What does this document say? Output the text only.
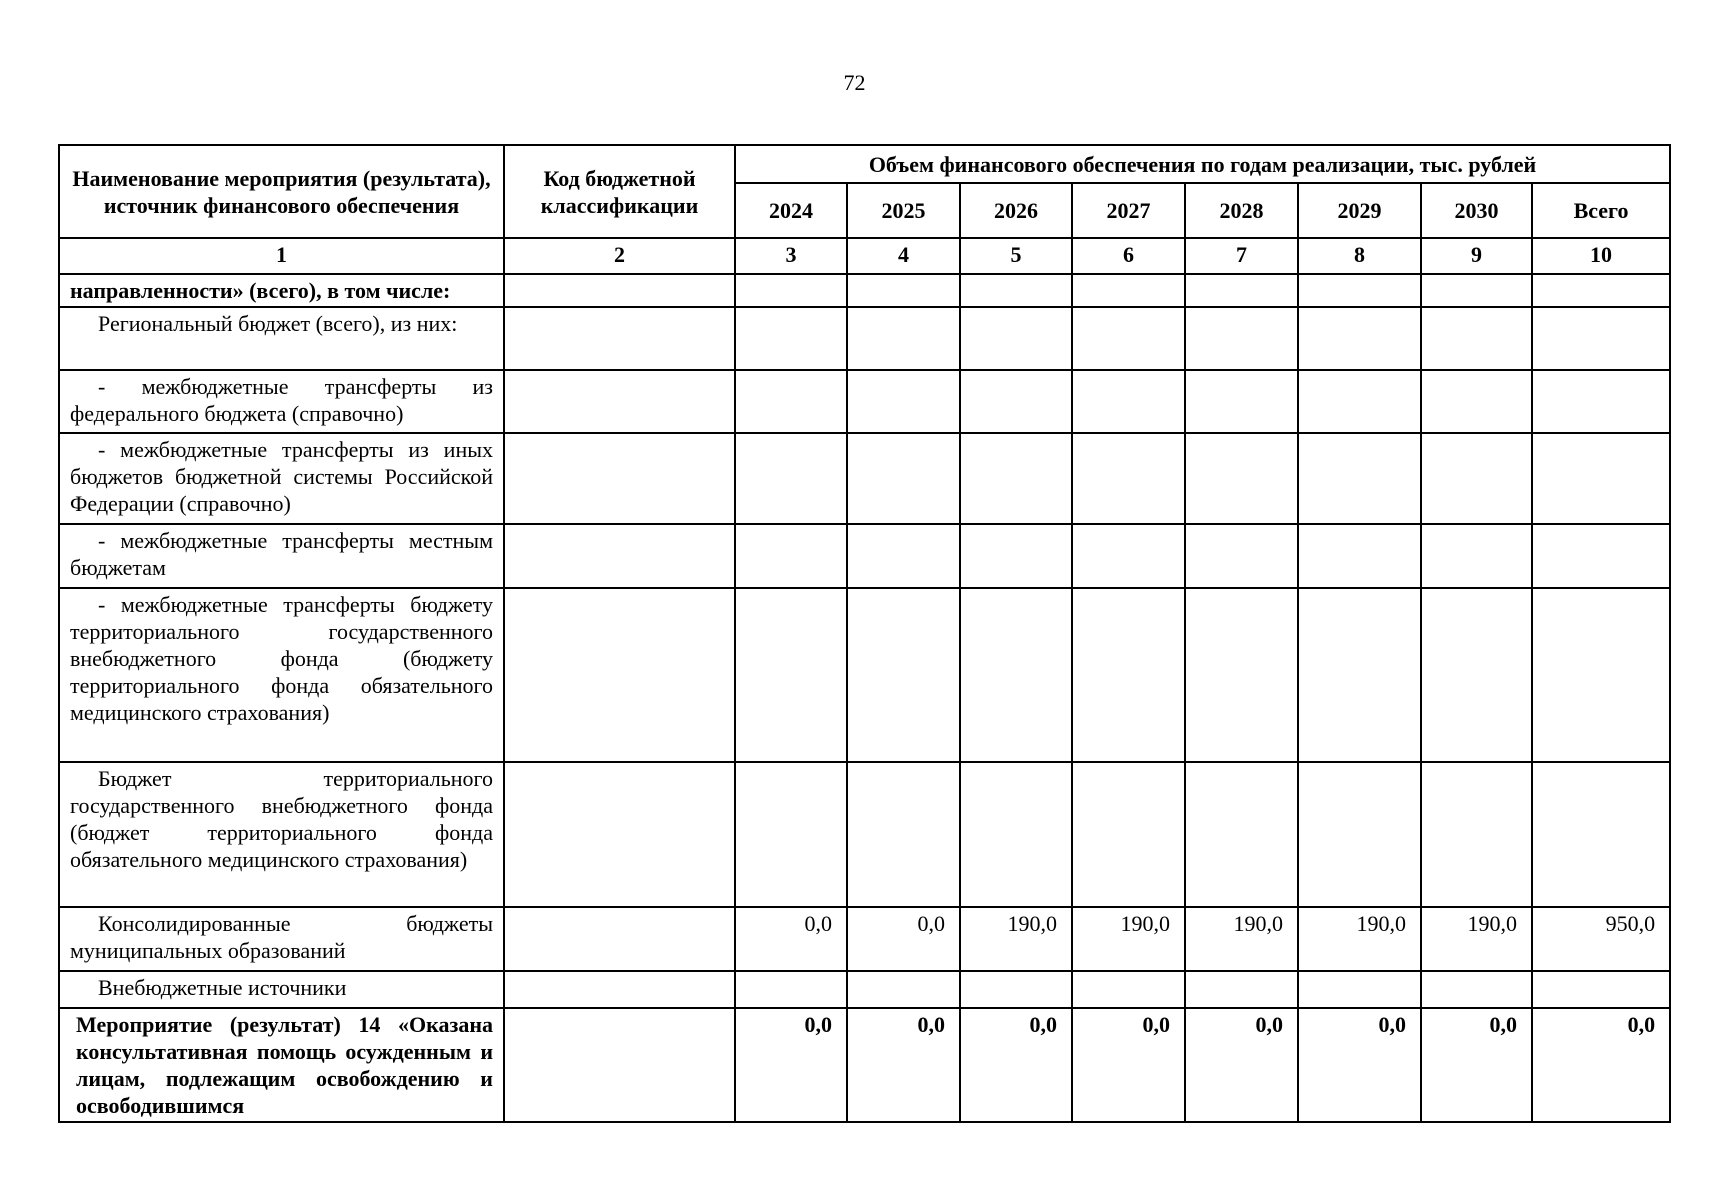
72
Наименование мероприятия (результата), источник финансового обеспечения	Код бюджетной классификации	Объем финансового обеспечения по годам реализации, тыс. рублей							
		2024	2025	2026	2027	2028	2029	2030	Всего
1	2	3	4	5	6	7	8	9	10
направленности» (всего), в том числе:									
Региональный бюджет (всего), из них:									
- межбюджетные трансферты из федерального бюджета (справочно)									
- межбюджетные трансферты из иных бюджетов бюджетной системы Российской Федерации (справочно)									
- межбюджетные трансферты местным бюджетам									
- межбюджетные трансферты бюджету территориального государственного внебюджетного фонда (бюджету территориального фонда обязательного медицинского страхования)									
Бюджет территориального государственного внебюджетного фонда (бюджет территориального фонда обязательного медицинского страхования)									
Консолидированные бюджеты муниципальных образований		0,0	0,0	190,0	190,0	190,0	190,0	190,0	950,0
Внебюджетные источники									
Мероприятие (результат) 14 «Оказана консультативная помощь осужденным и лицам, подлежащим освобождению и освободившимся		0,0	0,0	0,0	0,0	0,0	0,0	0,0	0,0
